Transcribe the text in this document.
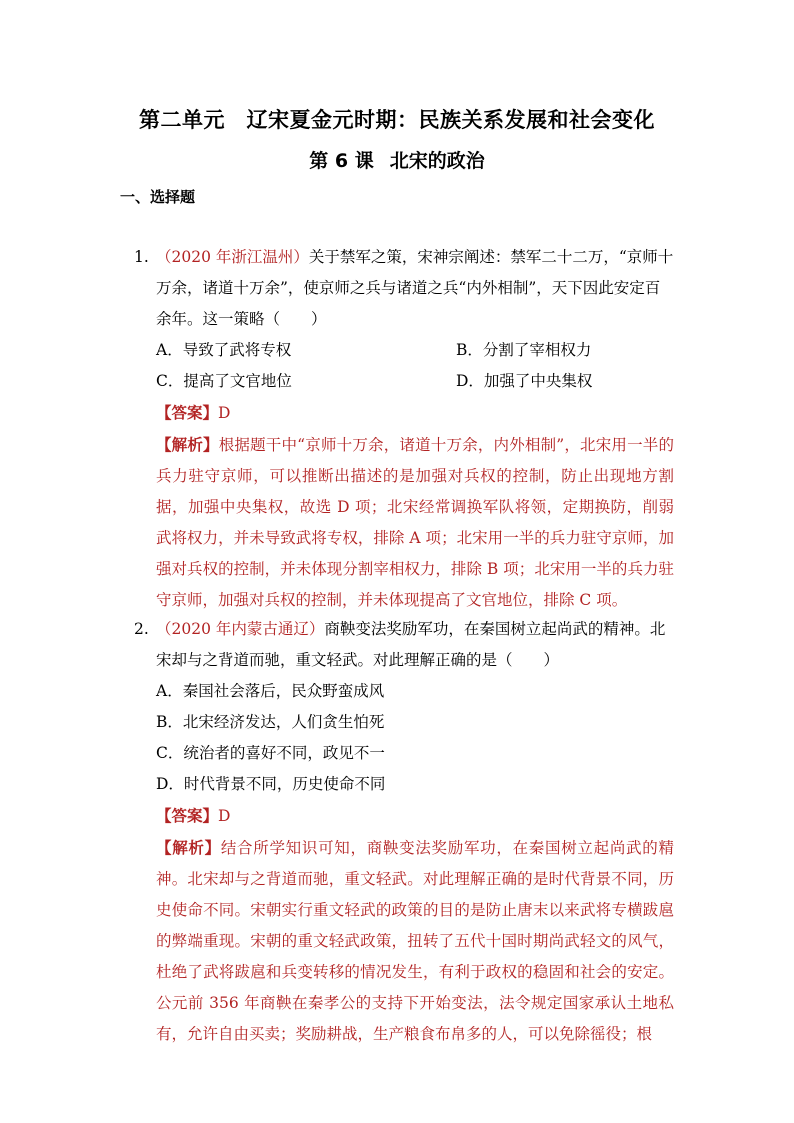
第二单元　辽宋夏金元时期：民族关系发展和社会变化
第 6 课 北宋的政治
一、选择题
1. （2020 年浙江温州）关于禁军之策，宋神宗阐述：禁军二十二万，“京师十万余，诸道十万余”，使京师之兵与诸道之兵“内外相制”，天下因此安定百余年。这一策略（　　）
A．导致了武将专权	B．分割了宰相权力
C．提高了文官地位	D．加强了中央集权
【答案】D
【解析】根据题干中“京师十万余，诸道十万余，内外相制”，北宋用一半的兵力驻守京师，可以推断出描述的是加强对兵权的控制，防止出现地方割据，加强中央集权，故选 D 项；北宋经常调换军队将领，定期换防，削弱武将权力，并未导致武将专权，排除 A 项；北宋用一半的兵力驻守京师，加强对兵权的控制，并未体现分割宰相权力，排除 B 项；北宋用一半的兵力驻守京师，加强对兵权的控制，并未体现提高了文官地位，排除 C 项。
2. （2020 年内蒙古通辽）商鞅变法奖励军功，在秦国树立起尚武的精神。北宋却与之背道而驰，重文轻武。对此理解正确的是（　　）
A．秦国社会落后，民众野蛮成风
B．北宋经济发达，人们贪生怕死
C．统治者的喜好不同，政见不一
D．时代背景不同，历史使命不同
【答案】D
【解析】结合所学知识可知，商鞅变法奖励军功，在秦国树立起尚武的精神。北宋却与之背道而驰，重文轻武。对此理解正确的是时代背景不同，历史使命不同。宋朝实行重文轻武的政策的目的是防止唐末以来武将专横跋扈的弊端重现。宋朝的重文轻武政策，扭转了五代十国时期尚武轻文的风气，杜绝了武将跋扈和兵变转移的情况发生，有利于政权的稳固和社会的安定。公元前 356 年商鞅在秦孝公的支持下开始变法，法令规定国家承认土地私有，允许自由买卖；奖励耕战，生产粮食布帛多的人，可以免除徭役；根
